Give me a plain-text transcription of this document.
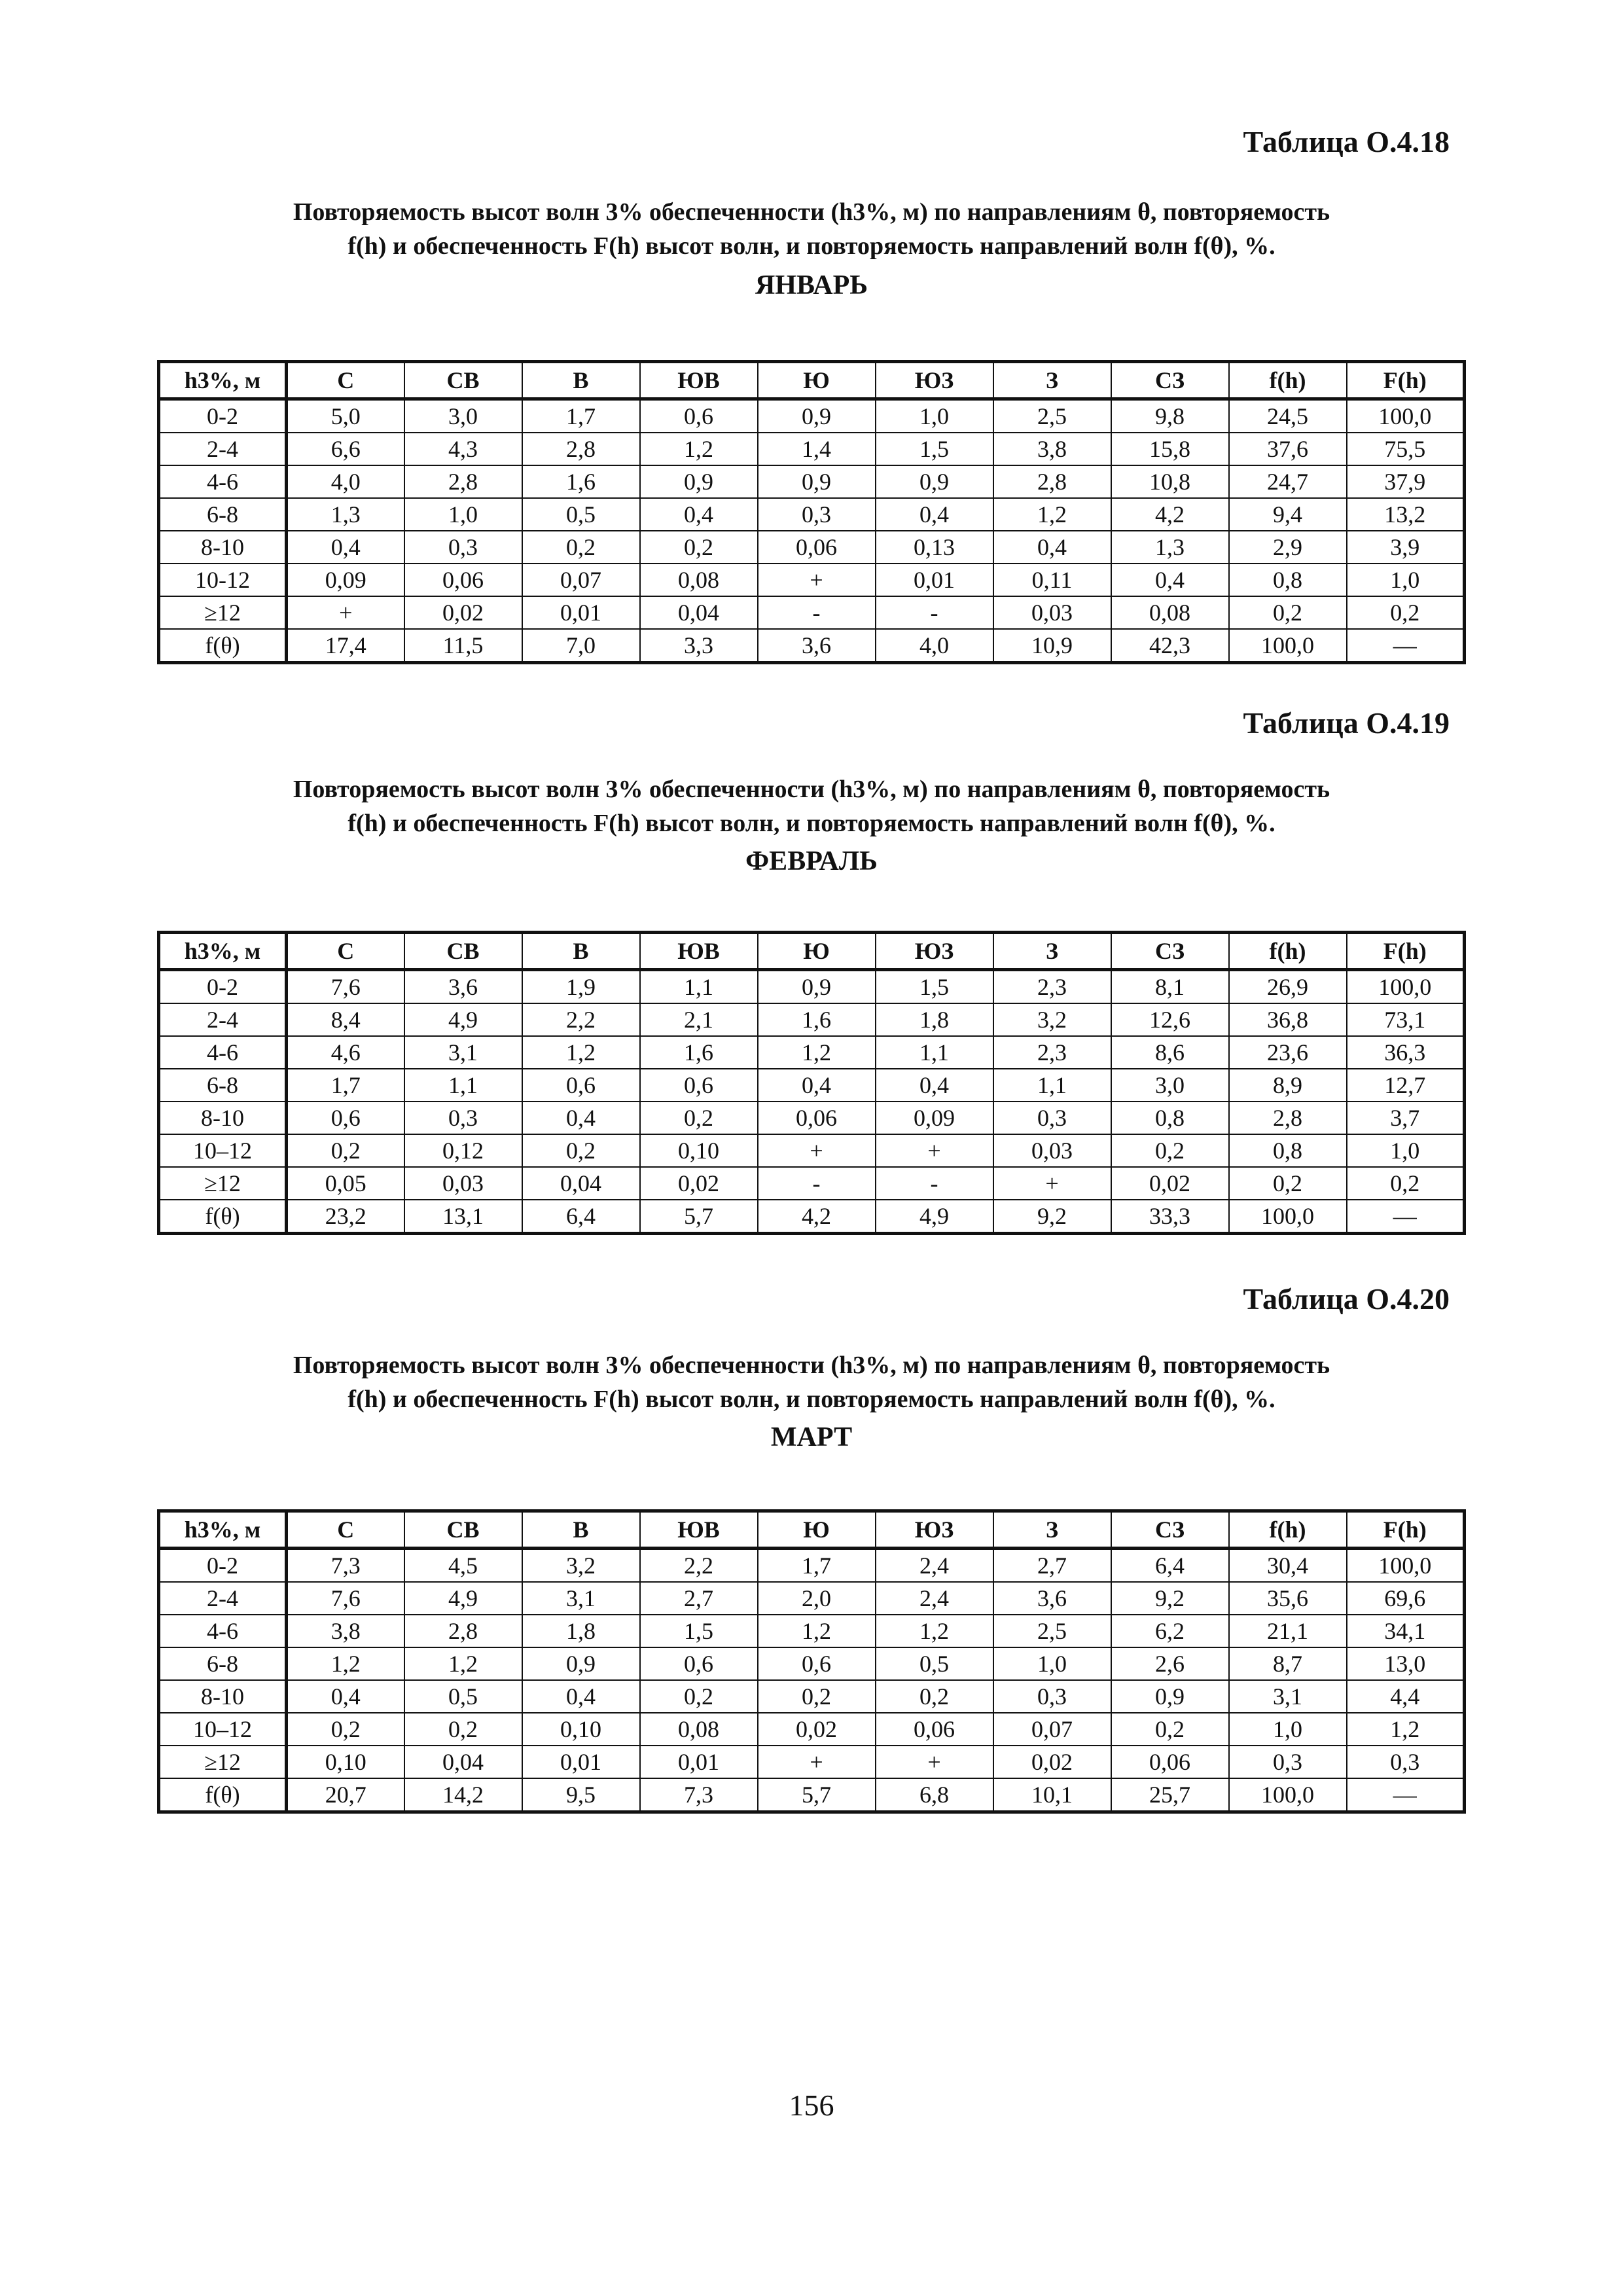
Таблица О.4.18
Повторяемость высот волн 3% обеспеченности (h3%, м) по направлениям θ, повторяемость
f(h) и обеспеченность F(h) высот волн, и повторяемость направлений волн f(θ), %.
ЯНВАРЬ
h3%, м	С	СВ	В	ЮВ	Ю	ЮЗ	З	СЗ	f(h)	F(h)
0-2	5,0	3,0	1,7	0,6	0,9	1,0	2,5	9,8	24,5	100,0
2-4	6,6	4,3	2,8	1,2	1,4	1,5	3,8	15,8	37,6	75,5
4-6	4,0	2,8	1,6	0,9	0,9	0,9	2,8	10,8	24,7	37,9
6-8	1,3	1,0	0,5	0,4	0,3	0,4	1,2	4,2	9,4	13,2
8-10	0,4	0,3	0,2	0,2	0,06	0,13	0,4	1,3	2,9	3,9
10-12	0,09	0,06	0,07	0,08	+	0,01	0,11	0,4	0,8	1,0
≥12	+	0,02	0,01	0,04	-	-	0,03	0,08	0,2	0,2
f(θ)	17,4	11,5	7,0	3,3	3,6	4,0	10,9	42,3	100,0	—
Таблица О.4.19
Повторяемость высот волн 3% обеспеченности (h3%, м) по направлениям θ, повторяемость
f(h) и обеспеченность F(h) высот волн, и повторяемость направлений волн f(θ), %.
ФЕВРАЛЬ
h3%, м	С	СВ	В	ЮВ	Ю	ЮЗ	З	СЗ	f(h)	F(h)
0-2	7,6	3,6	1,9	1,1	0,9	1,5	2,3	8,1	26,9	100,0
2-4	8,4	4,9	2,2	2,1	1,6	1,8	3,2	12,6	36,8	73,1
4-6	4,6	3,1	1,2	1,6	1,2	1,1	2,3	8,6	23,6	36,3
6-8	1,7	1,1	0,6	0,6	0,4	0,4	1,1	3,0	8,9	12,7
8-10	0,6	0,3	0,4	0,2	0,06	0,09	0,3	0,8	2,8	3,7
10–12	0,2	0,12	0,2	0,10	+	+	0,03	0,2	0,8	1,0
≥12	0,05	0,03	0,04	0,02	-	-	+	0,02	0,2	0,2
f(θ)	23,2	13,1	6,4	5,7	4,2	4,9	9,2	33,3	100,0	—
Таблица О.4.20
Повторяемость высот волн 3% обеспеченности (h3%, м) по направлениям θ, повторяемость
f(h) и обеспеченность F(h) высот волн, и повторяемость направлений волн f(θ), %.
МАРТ
h3%, м	С	СВ	В	ЮВ	Ю	ЮЗ	З	СЗ	f(h)	F(h)
0-2	7,3	4,5	3,2	2,2	1,7	2,4	2,7	6,4	30,4	100,0
2-4	7,6	4,9	3,1	2,7	2,0	2,4	3,6	9,2	35,6	69,6
4-6	3,8	2,8	1,8	1,5	1,2	1,2	2,5	6,2	21,1	34,1
6-8	1,2	1,2	0,9	0,6	0,6	0,5	1,0	2,6	8,7	13,0
8-10	0,4	0,5	0,4	0,2	0,2	0,2	0,3	0,9	3,1	4,4
10–12	0,2	0,2	0,10	0,08	0,02	0,06	0,07	0,2	1,0	1,2
≥12	0,10	0,04	0,01	0,01	+	+	0,02	0,06	0,3	0,3
f(θ)	20,7	14,2	9,5	7,3	5,7	6,8	10,1	25,7	100,0	—
156
